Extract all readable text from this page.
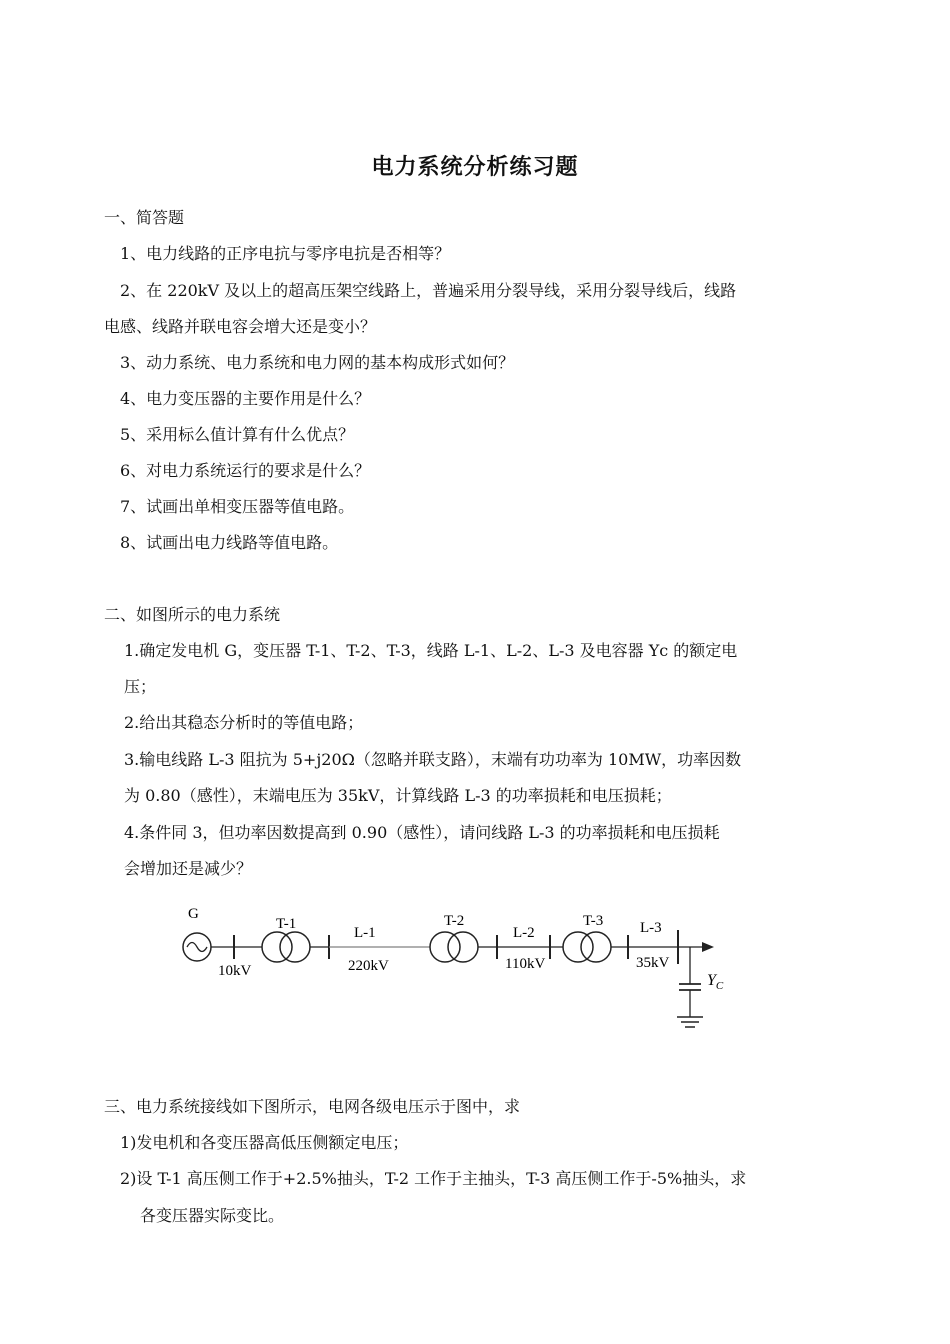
电力系统分析练习题
一、简答题
1、电力线路的正序电抗与零序电抗是否相等？
2、在 220kV 及以上的超高压架空线路上，普遍采用分裂导线，采用分裂导线后，线路
电感、线路并联电容会增大还是变小？
3、动力系统、电力系统和电力网的基本构成形式如何？
4、电力变压器的主要作用是什么？
5、采用标么值计算有什么优点？
6、对电力系统运行的要求是什么？
7、试画出单相变压器等值电路。
8、试画出电力线路等值电路。
二、如图所示的电力系统
1.确定发电机 G，变压器 T-1、T-2、T-3，线路 L-1、L-2、L-3 及电容器 Yc 的额定电
压；
2.给出其稳态分析时的等值电路；
3.输电线路 L-3 阻抗为 5+j20Ω（忽略并联支路），末端有功功率为 10MW，功率因数
为 0.80（感性），末端电压为 35kV，计算线路 L-3 的功率损耗和电压损耗；
4.条件同 3，但功率因数提高到 0.90（感性），请问线路 L-3 的功率损耗和电压损耗
会增加还是减少？
G
10kV
T-1
L-1
220kV
T-2
L-2
110kV
T-3 L-3
35kV
$Y_C$
三、电力系统接线如下图所示，电网各级电压示于图中，求
1)发电机和各变压器高低压侧额定电压；
2)设 T-1 高压侧工作于+2.5%抽头，T-2 工作于主抽头，T-3 高压侧工作于-5%抽头，求
各变压器实际变比。
